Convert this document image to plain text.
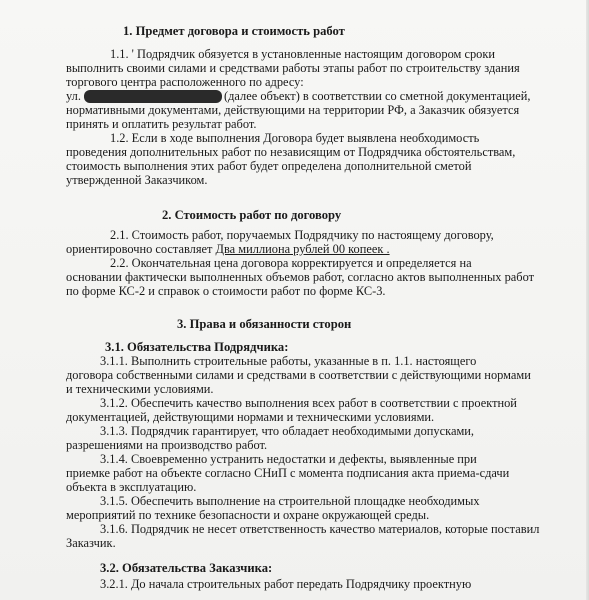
1. Предмет договора и стоимость работ
1.1. ' Подрядчик обязуется в установленные настоящим договором сроки
выполнить своими силами и средствами работы этапы работ по строительству здания
торгового центра расположенного по адресу:
ул.	(далее объект) в соответствии со сметной документацией,
нормативными документами, действующими на территории РФ, а Заказчик обязуется
принять и оплатить результат работ.
1.2. Если в ходе выполнения Договора будет выявлена необходимость
проведения дополнительных работ по независящим от Подрядчика обстоятельствам,
стоимость выполнения этих работ будет определена дополнительной сметой
утвержденной Заказчиком.
2. Стоимость работ по договору
2.1. Стоимость работ, поручаемых Подрядчику по настоящему договору,
ориентировочно составляет Два миллиона рублей 00 копеек .
2.2. Окончательная цена договора корректируется и определяется на
основании фактически выполненных объемов работ, согласно актов выполненных работ
по форме КС-2 и справок о стоимости работ по форме КС-3.
3. Права и обязанности сторон
3.1. Обязательства Подрядчика:
3.1.1. Выполнить строительные работы, указанные в п. 1.1. настоящего
договора собственными силами и средствами в соответствии с действующими нормами
и техническими условиями.
3.1.2. Обеспечить качество выполнения всех работ в соответствии с проектной
документацией, действующими нормами и техническими условиями.
3.1.3. Подрядчик гарантирует, что обладает необходимыми допусками,
разрешениями на производство работ.
3.1.4. Своевременно устранить недостатки и дефекты, выявленные при
приемке работ на объекте согласно СНиП с момента подписания акта приема-сдачи
объекта в эксплуатацию.
3.1.5. Обеспечить выполнение на строительной площадке необходимых
мероприятий по технике безопасности и охране окружающей среды.
3.1.6. Подрядчик не несет ответственность качество материалов, которые поставил
Заказчик.
3.2. Обязательства Заказчика:
3.2.1. До начала строительных работ передать Подрядчику проектную
